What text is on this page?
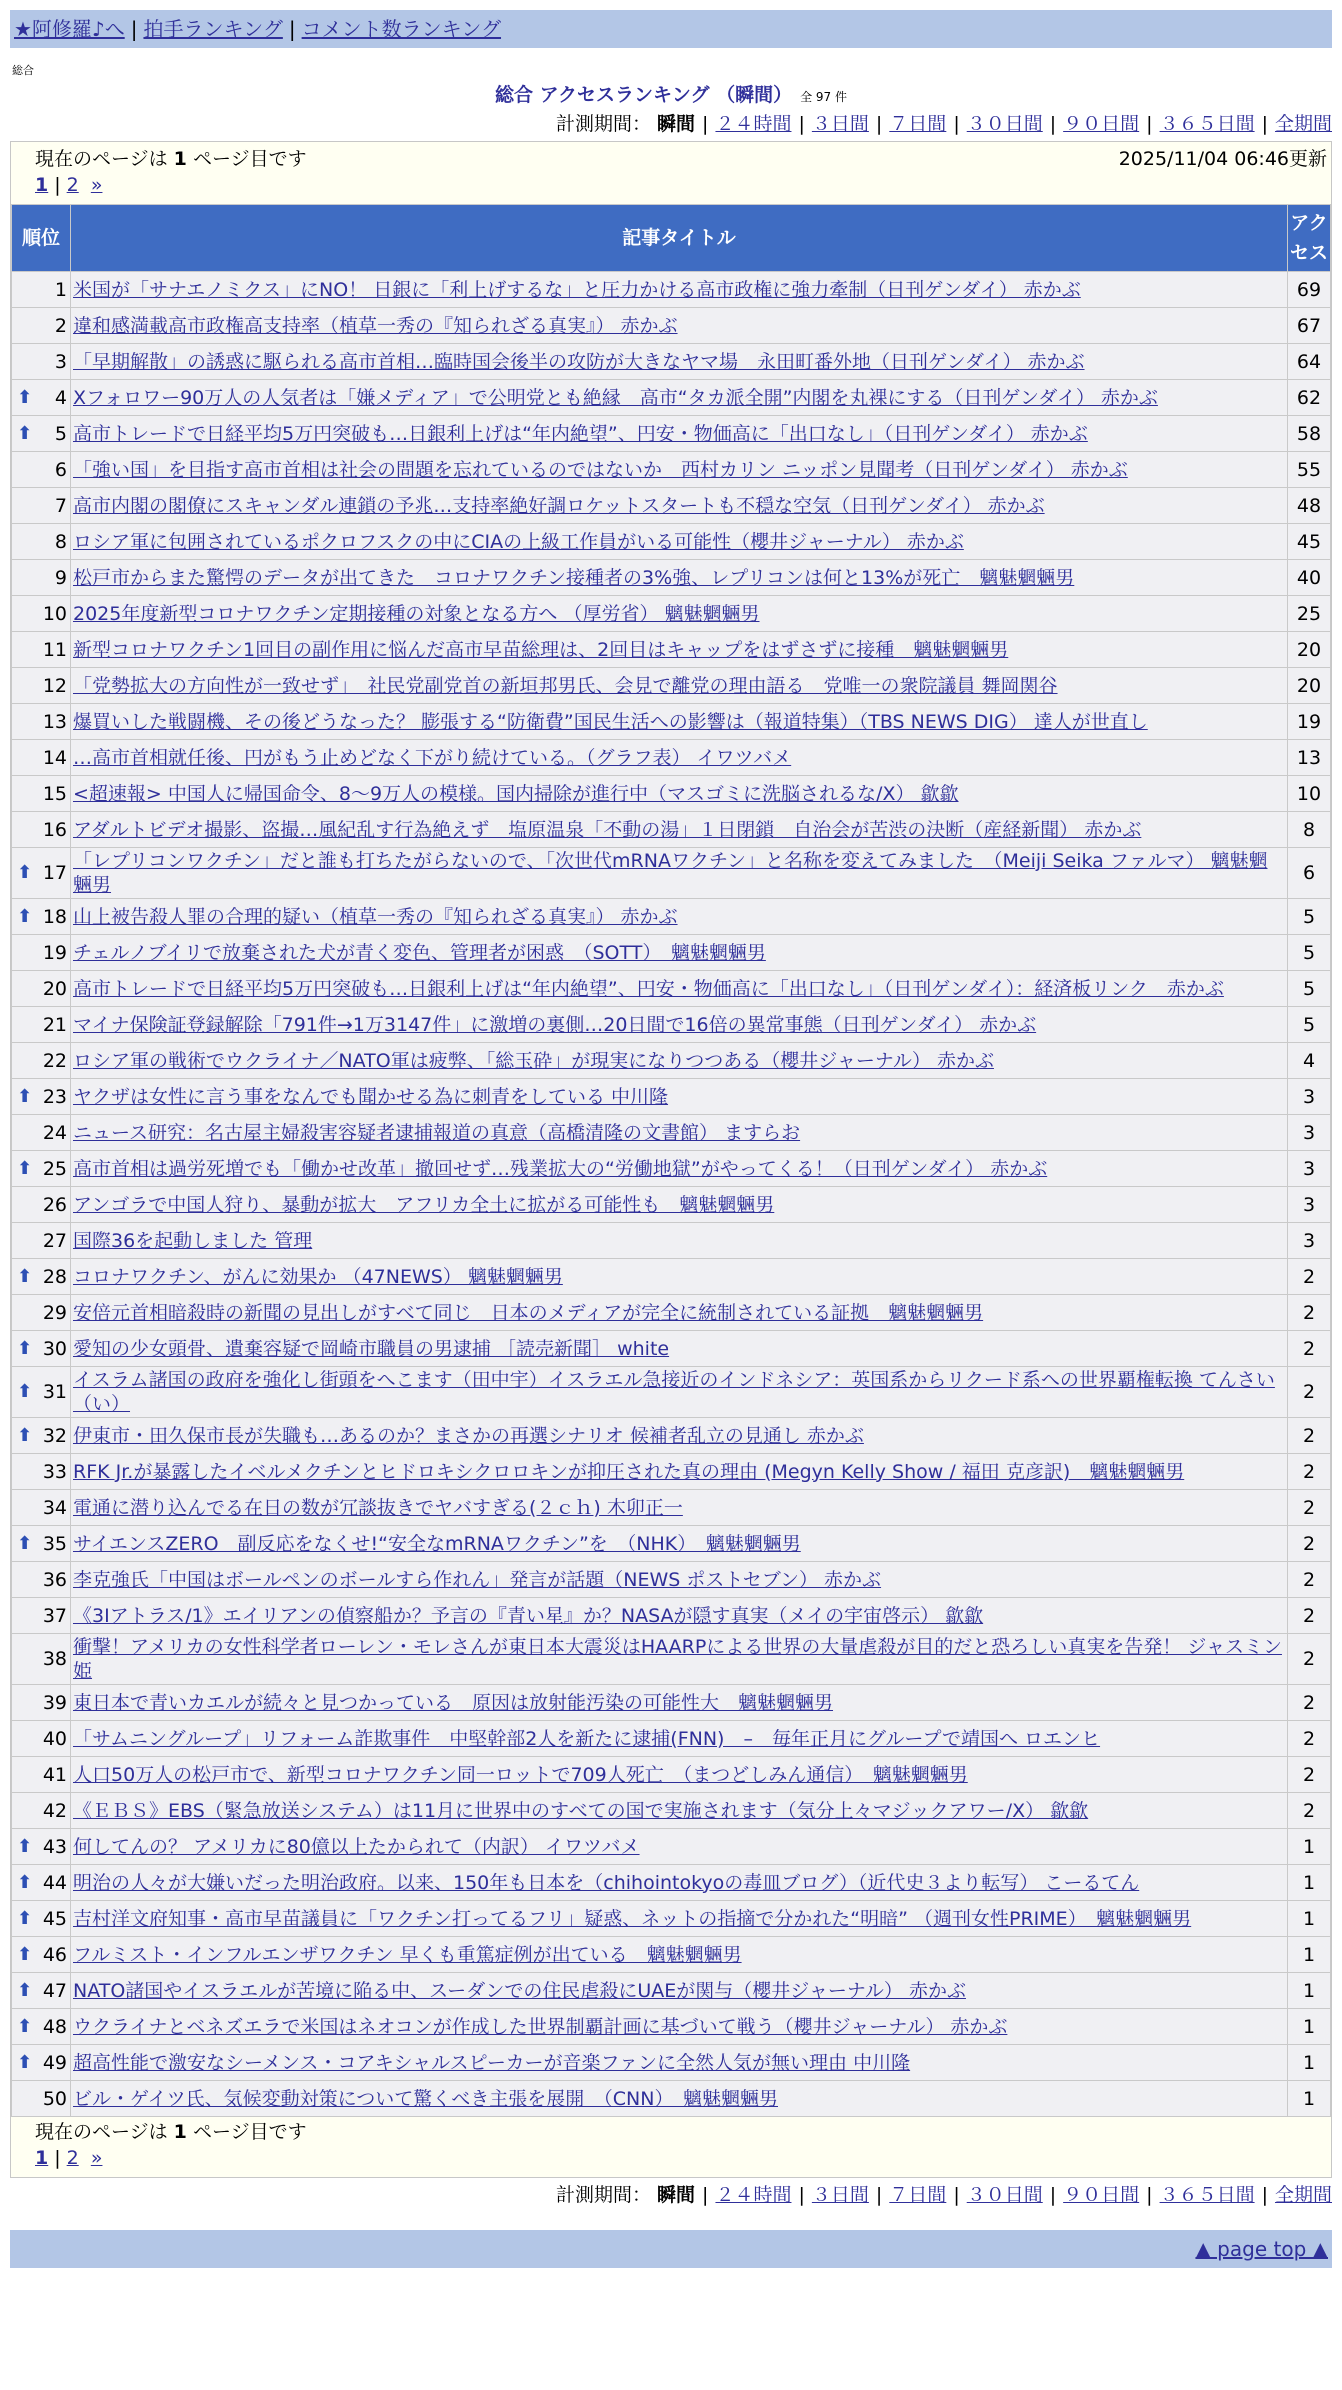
★阿修羅♪へ | 拍手ランキング | コメント数ランキング
総合
総合 アクセスランキング （瞬間） 全 97 件
計測期間： 瞬間 | ２４時間 | ３日間 | ７日間 | ３０日間 | ９０日間 | ３６５日間 | 全期間
現在のページは 1 ページ目です	2025/11/04 06:46更新
1 | 2 »
順位	記事タイトル	アクセス
1	米国が「サナエノミクス」にNO！ 日銀に「利上げするな」と圧力かける高市政権に強力牽制（日刊ゲンダイ） 赤かぶ	69
2	違和感満載高市政権高支持率（植草一秀の『知られざる真実』） 赤かぶ	67
3	「早期解散」の誘惑に駆られる高市首相…臨時国会後半の攻防が大きなヤマ場　永田町番外地（日刊ゲンダイ） 赤かぶ	64

⬆ 4	Xフォロワー90万人の人気者は「嫌メディア」で公明党とも絶縁　高市“タカ派全開”内閣を丸裸にする（日刊ゲンダイ） 赤かぶ	62

⬆ 5	高市トレードで日経平均5万円突破も…日銀利上げは“年内絶望”、円安・物価高に「出口なし」（日刊ゲンダイ） 赤かぶ	58
6	「強い国」を目指す高市首相は社会の問題を忘れているのではないか　西村カリン ニッポン見聞考（日刊ゲンダイ） 赤かぶ	55
7	高市内閣の閣僚にスキャンダル連鎖の予兆…支持率絶好調ロケットスタートも不穏な空気（日刊ゲンダイ） 赤かぶ	48
8	ロシア軍に包囲されているポクロフスクの中にCIAの上級工作員がいる可能性（櫻井ジャーナル） 赤かぶ	45
9	松戸市からまた驚愕のデータが出てきた　コロナワクチン接種者の3%強、レプリコンは何と13%が死亡　魑魅魍魎男	40
10	2025年度新型コロナワクチン定期接種の対象となる方へ （厚労省） 魑魅魍魎男	25
11	新型コロナワクチン1回目の副作用に悩んだ高市早苗総理は、2回目はキャップをはずさずに接種　魑魅魍魎男	20
12	「党勢拡大の方向性が一致せず」　社民党副党首の新垣邦男氏、会見で離党の理由語る　党唯一の衆院議員 舞岡関谷	20
13	爆買いした戦闘機、その後どうなった？ 膨張する“防衛費”国民生活への影響は（報道特集）（TBS NEWS DIG） 達人が世直し	19
14	…高市首相就任後、円がもう止めどなく下がり続けている。（グラフ表） イワツバメ	13
15	<超速報> 中国人に帰国命令、8～9万人の模様。国内掃除が進行中（マスゴミに洗脳されるな/X） 歙歙	10
16	アダルトビデオ撮影、盗撮…風紀乱す行為絶えず　塩原温泉「不動の湯」１日閉鎖　自治会が苦渋の決断（産経新聞） 赤かぶ	8

⬆ 17	「レプリコンワクチン」だと誰も打ちたがらないので、「次世代mRNAワクチン」と名称を変えてみました　（Meiji Seika ファルマ） 魑魅魍魎男	6

⬆ 18	山上被告殺人罪の合理的疑い（植草一秀の『知られざる真実』） 赤かぶ	5
19	チェルノブイリで放棄された犬が青く変色、管理者が困惑　（SOTT）　魑魅魍魎男	5
20	高市トレードで日経平均5万円突破も…日銀利上げは“年内絶望”、円安・物価高に「出口なし」（日刊ゲンダイ）：経済板リンク　赤かぶ	5
21	マイナ保険証登録解除「791件→1万3147件」に激増の裏側…20日間で16倍の異常事態（日刊ゲンダイ） 赤かぶ	5
22	ロシア軍の戦術でウクライナ／NATO軍は疲弊、「総玉砕」が現実になりつつある（櫻井ジャーナル） 赤かぶ	4

⬆ 23	ヤクザは女性に言う事をなんでも聞かせる為に刺青をしている 中川隆	3
24	ニュース研究：名古屋主婦殺害容疑者逮捕報道の真意（高橋清隆の文書館） ますらお	3

⬆ 25	高市首相は過労死増でも「働かせ改革」撤回せず…残業拡大の“労働地獄”がやってくる！（日刊ゲンダイ） 赤かぶ	3
26	アンゴラで中国人狩り、暴動が拡大　アフリカ全土に拡がる可能性も　魑魅魍魎男	3
27	国際36を起動しました 管理	3

⬆ 28	コロナワクチン、がんに効果か （47NEWS） 魑魅魍魎男	2
29	安倍元首相暗殺時の新聞の見出しがすべて同じ　日本のメディアが完全に統制されている証拠　魑魅魍魎男	2

⬆ 30	愛知の少女頭骨、遺棄容疑で岡崎市職員の男逮捕 ［読売新聞］ white	2

⬆ 31	イスラム諸国の政府を強化し街頭をへこます（田中宇）イスラエル急接近のインドネシア：英国系からリクード系への世界覇権転換 てんさい（い）	2

⬆ 32	伊東市・田久保市長が失職も…あるのか？まさかの再選シナリオ 候補者乱立の見通し 赤かぶ	2
33	RFK Jr.が暴露したイベルメクチンとヒドロキシクロロキンが抑圧された真の理由 (Megyn Kelly Show / 福田 克彦訳)　魑魅魍魎男	2
34	電通に潜り込んでる在日の数が冗談抜きでヤバすぎる(２ｃｈ) 木卯正一	2

⬆ 35	サイエンスZERO　副反応をなくせ!“安全なmRNAワクチン”を　（NHK）　魑魅魍魎男	2
36	李克強氏「中国はボールペンのボールすら作れん」発言が話題（NEWS ポストセブン） 赤かぶ	2
37	《3Iアトラス/1》エイリアンの偵察船か？予言の『青い星』か？NASAが隠す真実（メイの宇宙啓示） 歙歙	2
38	衝撃！アメリカの女性科学者ローレン・モレさんが東日本大震災はHAARPによる世界の大量虐殺が目的だと恐ろしい真実を告発！ ジャスミン姫	2
39	東日本で青いカエルが続々と見つかっている　原因は放射能汚染の可能性大　魑魅魍魎男	2
40	「サムニングループ」リフォーム詐欺事件　中堅幹部2人を新たに逮捕(FNN)　–　毎年正月にグループで靖国へ ロエンヒ	2
41	人口50万人の松戸市で、新型コロナワクチン同一ロットで709人死亡　（まつどしみん通信）　魑魅魍魎男	2
42	《ＥＢＳ》EBS（緊急放送システム）は11月に世界中のすべての国で実施されます（気分上々マジックアワー/X） 歙歙	2

⬆ 43	何してんの？ アメリカに80億以上たかられて（内訳） イワツバメ	1

⬆ 44	明治の人々が大嫌いだった明治政府。以来、150年も日本を（chihointokyoの毒皿ブログ）（近代史３より転写） こーるてん	1

⬆ 45	吉村洋文府知事・高市早苗議員に「ワクチン打ってるフリ」疑惑、ネットの指摘で分かれた“明暗” （週刊女性PRIME）　魑魅魍魎男	1

⬆ 46	フルミスト・インフルエンザワクチン 早くも重篤症例が出ている　魑魅魍魎男	1

⬆ 47	NATO諸国やイスラエルが苦境に陥る中、スーダンでの住民虐殺にUAEが関与（櫻井ジャーナル） 赤かぶ	1

⬆ 48	ウクライナとベネズエラで米国はネオコンが作成した世界制覇計画に基づいて戦う（櫻井ジャーナル） 赤かぶ	1

⬆ 49	超高性能で激安なシーメンス・コアキシャルスピーカーが音楽ファンに全然人気が無い理由 中川隆	1
50	ビル・ゲイツ氏、気候変動対策について驚くべき主張を展開　（CNN）　魑魅魍魎男	1
現在のページは 1 ページ目です
1 | 2 »
計測期間： 瞬間 | ２４時間 | ３日間 | ７日間 | ３０日間 | ９０日間 | ３６５日間 | 全期間
▲ page top ▲
